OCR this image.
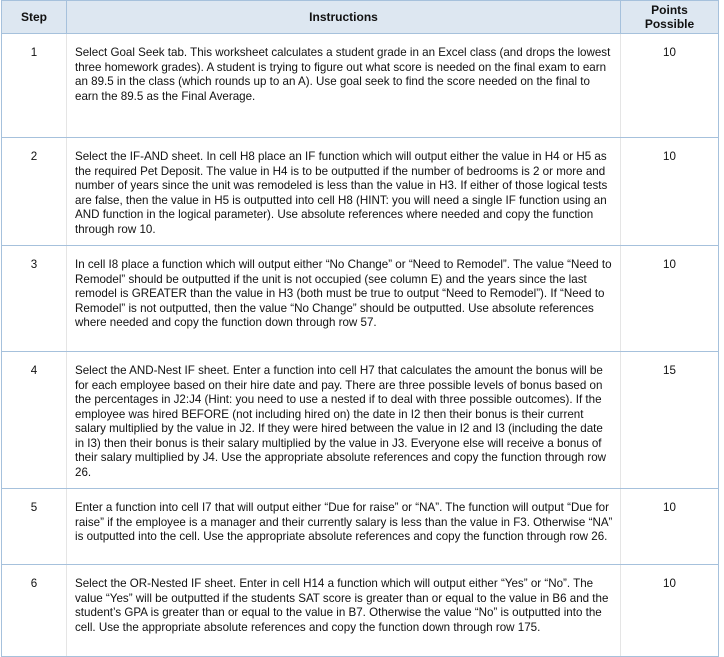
Step	Instructions	Points
Possible
1	Select Goal Seek tab. This worksheet calculates a student grade in an Excel class (and drops the lowest three homework grades). A student is trying to figure out what score is needed on the final exam to earn an 89.5 in the class (which rounds up to an A). Use goal seek to find the score needed on the final to earn the 89.5 as the Final Average.	10
2	Select the IF-AND sheet. In cell H8 place an IF function which will output either the value in H4 or H5 as the required Pet Deposit. The value in H4 is to be outputted if the number of bedrooms is 2 or more and number of years since the unit was remodeled is less than the value in H3. If either of those logical tests are false, then the value in H5 is outputted into cell H8 (HINT: you will need a single IF function using an AND function in the logical parameter). Use absolute references where needed and copy the function through row 10.	10
3	In cell I8 place a function which will output either “No Change” or “Need to Remodel”. The value “Need to Remodel” should be outputted if the unit is not occupied (see column E) and the years since the last remodel is GREATER than the value in H3 (both must be true to output “Need to Remodel”). If “Need to Remodel” is not outputted, then the value “No Change” should be outputted. Use absolute references where needed and copy the function down through row 57.	10
4	Select the AND-Nest IF sheet. Enter a function into cell H7 that calculates the amount the bonus will be for each employee based on their hire date and pay. There are three possible levels of bonus based on the percentages in J2:J4 (Hint: you need to use a nested if to deal with three possible outcomes). If the employee was hired BEFORE (not including hired on) the date in I2 then their bonus is their current salary multiplied by the value in J2. If they were hired between the value in I2 and I3 (including the date in I3) then their bonus is their salary multiplied by the value in J3. Everyone else will receive a bonus of their salary multiplied by J4. Use the appropriate absolute references and copy the function through row 26.	15
5	Enter a function into cell I7 that will output either “Due for raise” or “NA”. The function will output “Due for raise” if the employee is a manager and their currently salary is less than the value in F3. Otherwise “NA” is outputted into the cell. Use the appropriate absolute references and copy the function through row 26.	10
6	Select the OR-Nested IF sheet. Enter in cell H14 a function which will output either “Yes” or “No”. The value “Yes” will be outputted if the students SAT score is greater than or equal to the value in B6 and the student’s GPA is greater than or equal to the value in B7. Otherwise the value “No” is outputted into the cell. Use the appropriate absolute references and copy the function down through row 175.	10
